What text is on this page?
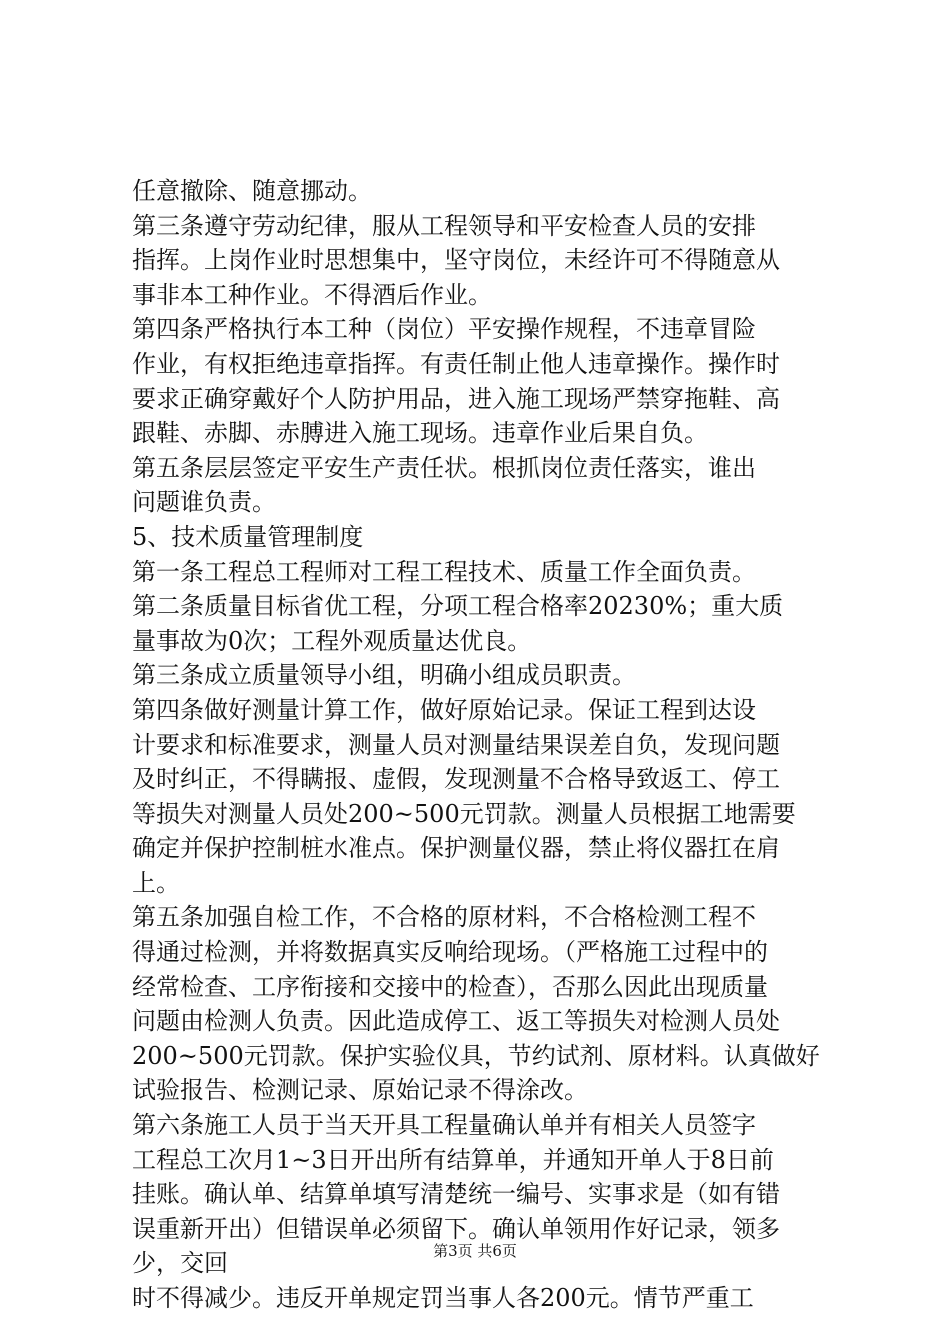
任意撤除、随意挪动。
第三条遵守劳动纪律，服从工程领导和平安检查人员的安排
指挥。上岗作业时思想集中，坚守岗位，未经许可不得随意从
事非本工种作业。不得酒后作业。
第四条严格执行本工种（岗位）平安操作规程，不违章冒险
作业，有权拒绝违章指挥。有责任制止他人违章操作。操作时
要求正确穿戴好个人防护用品，进入施工现场严禁穿拖鞋、高
跟鞋、赤脚、赤膊进入施工现场。违章作业后果自负。
第五条层层签定平安生产责任状。根抓岗位责任落实，谁出
问题谁负责。
5、技术质量管理制度
第一条工程总工程师对工程工程技术、质量工作全面负责。
第二条质量目标省优工程，分项工程合格率20230%；重大质
量事故为0次；工程外观质量达优良。
第三条成立质量领导小组，明确小组成员职责。
第四条做好测量计算工作，做好原始记录。保证工程到达设
计要求和标准要求，测量人员对测量结果误差自负，发现问题
及时纠正，不得瞒报、虚假，发现测量不合格导致返工、停工
等损失对测量人员处200~500元罚款。测量人员根据工地需要
确定并保护控制桩水准点。保护测量仪器，禁止将仪器扛在肩
上。
第五条加强自检工作，不合格的原材料，不合格检测工程不
得通过检测，并将数据真实反响给现场。（严格施工过程中的
经常检查、工序衔接和交接中的检查），否那么因此出现质量
问题由检测人负责。因此造成停工、返工等损失对检测人员处
200~500元罚款。保护实验仪具，节约试剂、原材料。认真做好
试验报告、检测记录、原始记录不得涂改。
第六条施工人员于当天开具工程量确认单并有相关人员签字
工程总工次月1~3日开出所有结算单，并通知开单人于8日前
挂账。确认单、结算单填写清楚统一编号、实事求是（如有错
误重新开出）但错误单必须留下。确认单领用作好记录，领多
少，交回
时不得减少。违反开单规定罚当事人各200元。情节严重工
第3页 共6页
